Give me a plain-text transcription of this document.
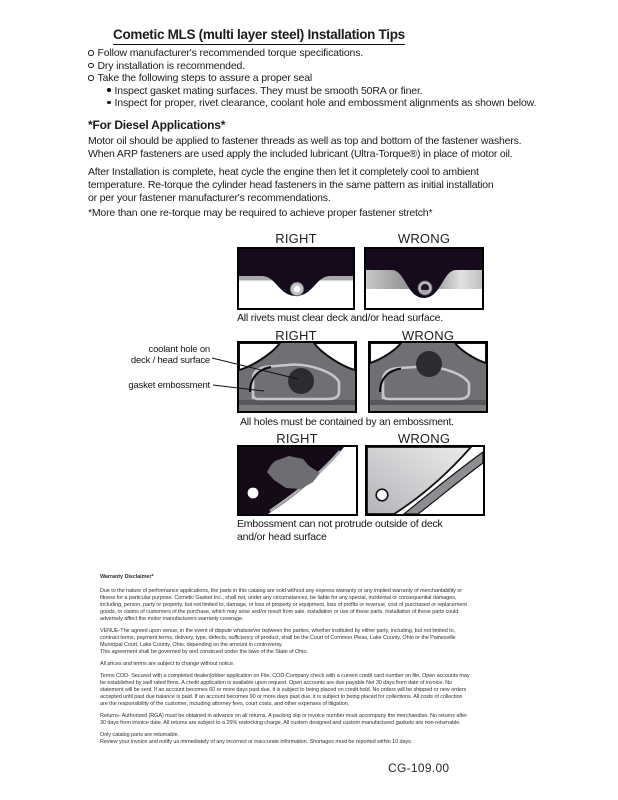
Cometic MLS (multi layer steel) Installation Tips
Follow manufacturer's recommended torque specifications.
Dry installation is recommended.
Take the following steps to assure a proper seal
Inspect gasket mating surfaces. They must be smooth 50RA or finer.
Inspect for proper, rivet clearance, coolant hole and embossment alignments as shown below.
*For Diesel Applications*
Motor oil should be applied to fastener threads as well as top and bottom of the fastener washers.
When ARP fasteners are used apply the included lubricant (Ultra-Torque®) in place of motor oil.
After Installation is complete, heat cycle the engine then let it completely cool to ambient
temperature. Re-torque the cylinder head fasteners in the same pattern as initial installation
or per your fastener manufacturer's recommendations.
*More than one re-torque may be required to achieve proper fastener stretch*
RIGHT	WRONG
All rivets must clear deck and/or head surface.
RIGHT	WRONG
coolant hole on
deck / head surface
gasket embossment
All holes must be contained by an embossment.
RIGHT	WRONG
Embossment can not protrude outside of deck
and/or head surface

Warranty Disclaimer*

Due to the nature of performance applications, the parts in this catalog are sold without any express warranty or any implied warranty of merchantability or
fitness for a particular purpose. Cometic Gasket Inc., shall not, under any circumstances, be liable for any special, incidental or consequential damages,
including, person, party or property, but not limited to, damage, or loss of property or equipment, loss of profits or revenue, cost of purchased or replacement
goods, or claims of customers of the purchase, which may arise and/or result from sale, installation or use of these parts. Installation of these parts could
adversely affect the motor manufacturers warranty coverage.

VENUE-The agreed upon venue, in the event of dispute whatsoever between the parties, whether instituted by either party, including, but not limited to,
contract terms, payment terms, delivery, type, defects, sufficiency of product, shall be the Court of Common Pleas, Lake County, Ohio or the Painesville
Municipal Court, Lake County, Ohio, depending on the amount in controversy.
This agreement shall be governed by and construed under the laws of the State of Ohio.

All prices and terms are subject to change without notice.

Terms COD- Secured with a completed dealer/jobber application on File, COD-Company check with a current credit card number on file. Open accounts may
be established by well rated firms. A credit application is available upon request. Open accounts are due payable Net 30 days from date of invoice. No
statement will be sent. If an account becomes 60 or more days past due, it is subject to being placed on credit hold. No orders will be shipped or new orders
accepted until past due balance is paid. If an account becomes 90 or more days past due, it is subject to being placed for collections. All costs of collection
are the responsibility of the customer, including attorney fees, court costs, and other expenses of litigation.

Returns- Authorized (RGA) must be obtained in advance on all returns. A packing slip or invoice number must accompany the merchandise. No returns after
30 days from invoice date. All returns are subject to a 25% restocking charge. All custom designed and custom manufactured gaskets are non-returnable.

Only catalog parts are returnable.
Review your invoice and notify us immediately of any incorrect or inaccurate information. Shortages must be reported within 10 days.

CG-109.00
